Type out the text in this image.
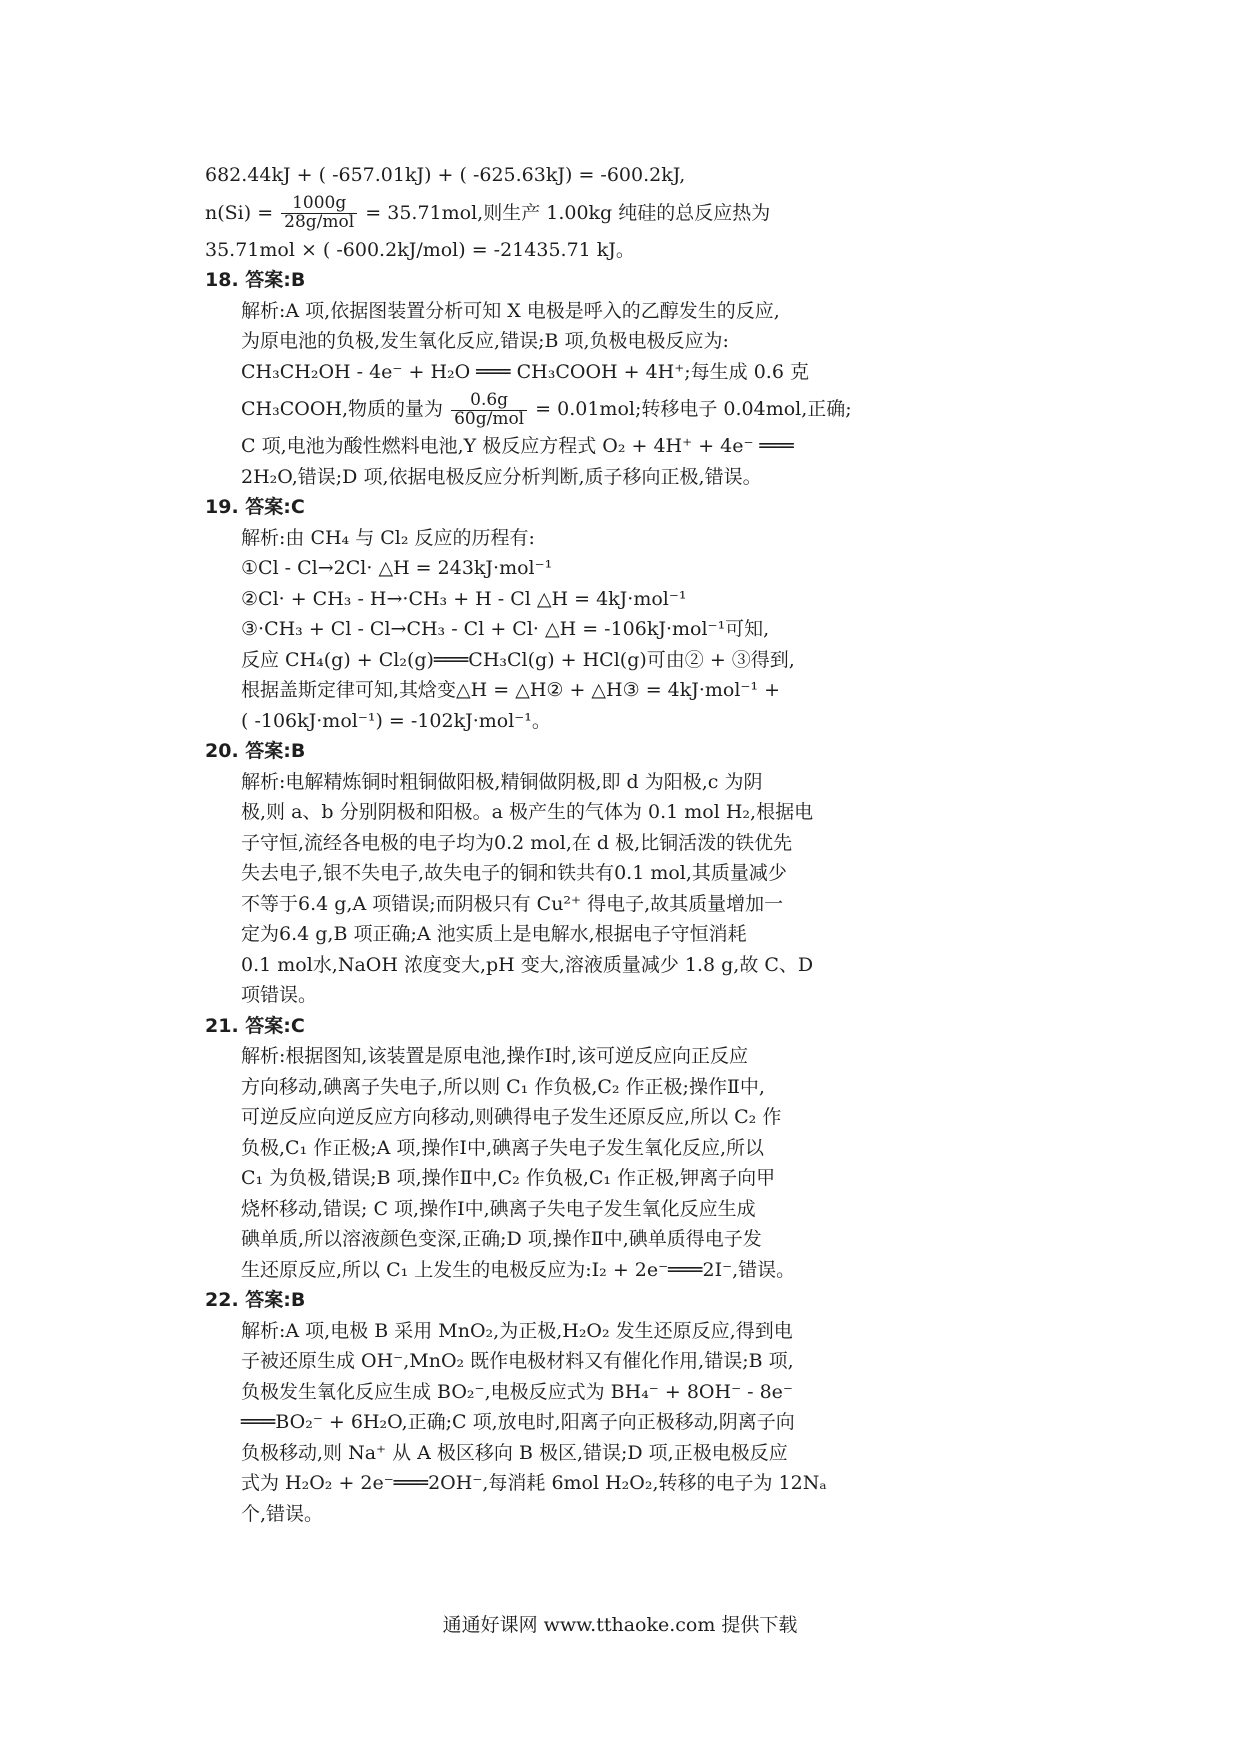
682.44kJ + ( -657.01kJ) + ( -625.63kJ) = -600.2kJ,
$n(Si) = \frac{1000g}{\text{28g/mol}} = 35.71mol$,则生产 1.00kg 纯硅的总反应热为
35.71mol × ( -600.2kJ/mol) = -21435.71 kJ。
18. 答案:B
解析:A 项,依据图装置分析可知 X 电极是呼入的乙醇发生的反应,
为原电池的负极,发生氧化反应,错误;B 项,负极电极反应为:
CH₃CH₂OH - 4e⁻ + H₂O ═══ CH₃COOH + 4H⁺;每生成 0.6 克
CH₃COOH,物质的量为 $\frac{0.6g}{\text{60g/mol}} = 0.01mol$;转移电子 0.04mol,正确;
C 项,电池为酸性燃料电池,Y 极反应方程式 O₂ + 4H⁺ + 4e⁻ ═══
2H₂O,错误;D 项,依据电极反应分析判断,质子移向正极,错误。
19. 答案:C
解析:由 CH₄ 与 Cl₂ 反应的历程有:
①Cl - Cl→2Cl· △H = 243kJ·mol⁻¹
②Cl· + CH₃ - H→·CH₃ + H - Cl △H = 4kJ·mol⁻¹
③·CH₃ + Cl - Cl→CH₃ - Cl + Cl· △H = -106kJ·mol⁻¹可知,
反应 CH₄(g) + Cl₂(g)═══CH₃Cl(g) + HCl(g)可由② + ③得到,
根据盖斯定律可知,其焓变△H = △H② + △H③ = 4kJ·mol⁻¹ +
( -106kJ·mol⁻¹) = -102kJ·mol⁻¹。
20. 答案:B
解析:电解精炼铜时粗铜做阳极,精铜做阴极,即 d 为阳极,c 为阴
极,则 a、b 分别阴极和阳极。a 极产生的气体为 0.1 mol H₂,根据电
子守恒,流经各电极的电子均为0.2 mol,在 d 极,比铜活泼的铁优先
失去电子,银不失电子,故失电子的铜和铁共有0.1 mol,其质量减少
不等于6.4 g,A 项错误;而阴极只有 Cu²⁺ 得电子,故其质量增加一
定为6.4 g,B 项正确;A 池实质上是电解水,根据电子守恒消耗
0.1 mol水,NaOH 浓度变大,pH 变大,溶液质量减少 1.8 g,故 C、D
项错误。
21. 答案:C
解析:根据图知,该装置是原电池,操作Ⅰ时,该可逆反应向正反应
方向移动,碘离子失电子,所以则 C₁ 作负极,C₂ 作正极;操作Ⅱ中,
可逆反应向逆反应方向移动,则碘得电子发生还原反应,所以 C₂ 作
负极,C₁ 作正极;A 项,操作Ⅰ中,碘离子失电子发生氧化反应,所以
C₁ 为负极,错误;B 项,操作Ⅱ中,C₂ 作负极,C₁ 作正极,钾离子向甲
烧杯移动,错误; C 项,操作Ⅰ中,碘离子失电子发生氧化反应生成
碘单质,所以溶液颜色变深,正确;D 项,操作Ⅱ中,碘单质得电子发
生还原反应,所以 C₁ 上发生的电极反应为:I₂ + 2e⁻═══2I⁻,错误。
22. 答案:B
解析:A 项,电极 B 采用 MnO₂,为正极,H₂O₂ 发生还原反应,得到电
子被还原生成 OH⁻,MnO₂ 既作电极材料又有催化作用,错误;B 项,
负极发生氧化反应生成 BO₂⁻,电极反应式为 BH₄⁻ + 8OH⁻ - 8e⁻
═══BO₂⁻ + 6H₂O,正确;C 项,放电时,阳离子向正极移动,阴离子向
负极移动,则 Na⁺ 从 A 极区移向 B 极区,错误;D 项,正极电极反应
式为 H₂O₂ + 2e⁻═══2OH⁻,每消耗 6mol H₂O₂,转移的电子为 12Nₐ
个,错误。
通通好课网 www.tthaoke.com 提供下载
